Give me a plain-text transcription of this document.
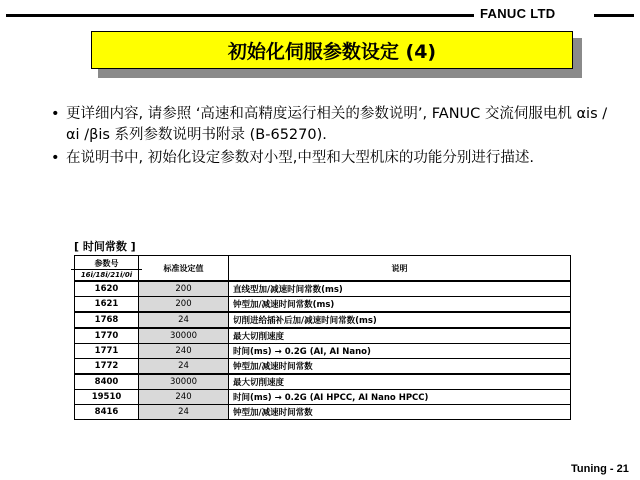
FANUC LTD
初始化伺服参数设定 (4)
• 更详细内容, 请参照 ‘高速和高精度运行相关的参数说明’, FANUC 交流伺服电机 αis /αi /βis 系列参数说明书附录 (B-65270).
• 在说明书中, 初始化设定参数对小型,中型和大型机床的功能分别进行描述.
[ 时间常数 ]
参数号
16i/18i/21i/0i	标准设定值	说明
1620	200	直线型加/减速时间常数(ms)
1621	200	钟型加/减速时间常数(ms)
1768	24	切削进给插补后加/减速时间常数(ms)
1770	30000	最大切削速度
1771	240	时间(ms) → 0.2G (AI, AI Nano)
1772	24	钟型加/减速时间常数
8400	30000	最大切削速度
19510	240	时间(ms) → 0.2G (AI HPCC, AI Nano HPCC)
8416	24	钟型加/减速时间常数
Tuning - 21
